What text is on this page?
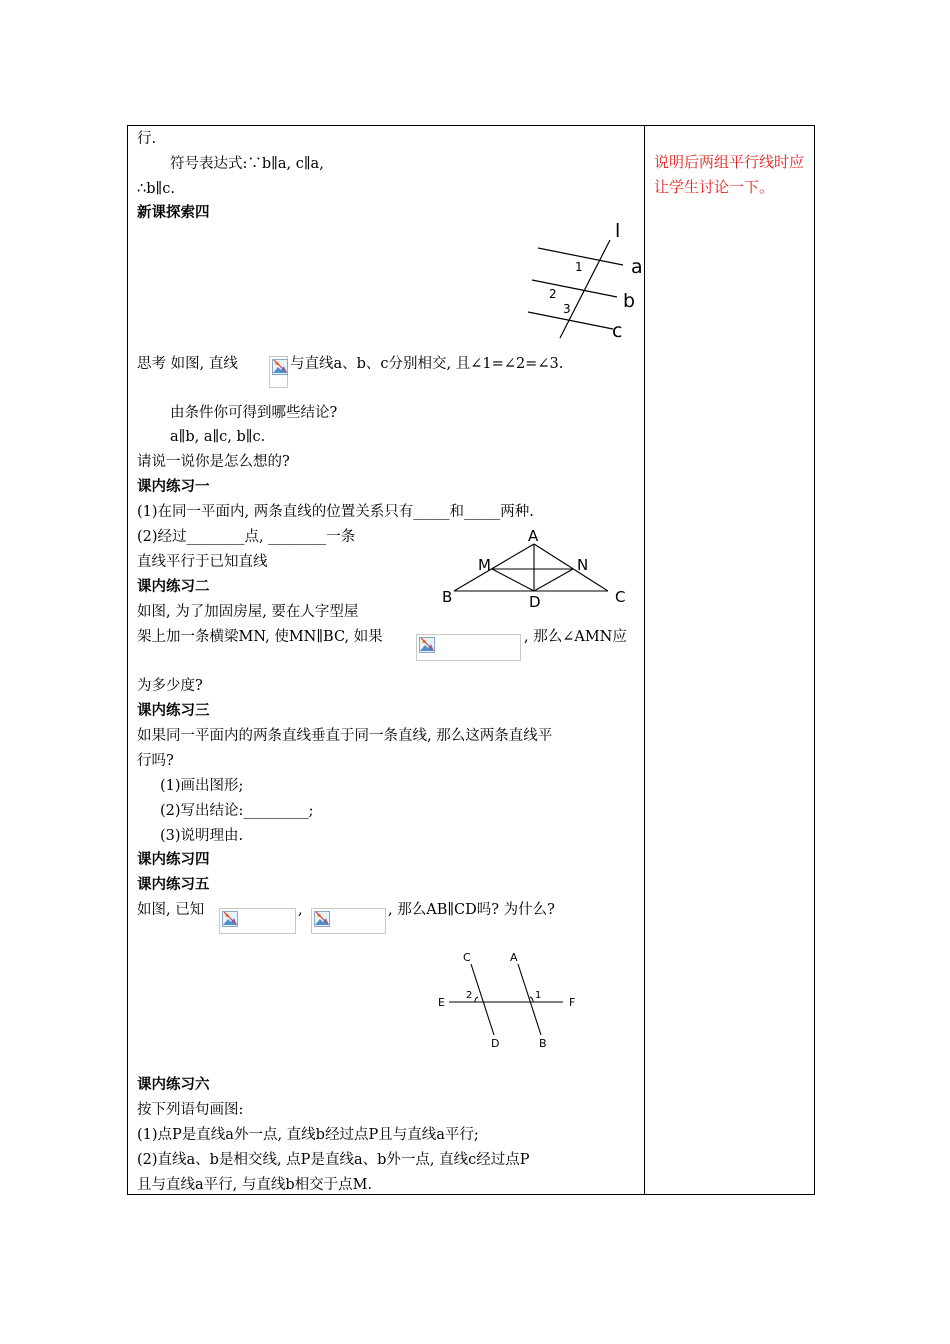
行.
符号表达式:∵b∥a, c∥a,
∴b∥c.
新课探索四
l
a
b
c
1
2
3
思考 如图, 直线	与直线a、b、c分别相交, 且∠1=∠2=∠3.
由条件你可得到哪些结论?
a∥b, a∥c, b∥c.
请说一说你是怎么想的?
课内练习一
(1)在同一平面内, 两条直线的位置关系只有_____和_____两种.
(2)经过________点, ________一条
直线平行于已知直线
A
M	N
B	D	C
课内练习二
如图, 为了加固房屋, 要在人字型屋
架上加一条横梁MN, 使MN∥BC, 如果	, 那么∠AMN应
为多少度?
课内练习三
如果同一平面内的两条直线垂直于同一条直线, 那么这两条直线平
行吗?
(1)画出图形;
(2)写出结论:_________;
(3)说明理由.
课内练习四
课内练习五
如图, 已知	,	, 那么AB∥CD吗? 为什么?
C	A
E	F
D	B
2	1
课内练习六
按下列语句画图:
(1)点P是直线a外一点, 直线b经过点P且与直线a平行;
(2)直线a、b是相交线, 点P是直线a、b外一点, 直线c经过点P
且与直线a平行, 与直线b相交于点M.
说明后两组平行线时应让学生讨论一下。
